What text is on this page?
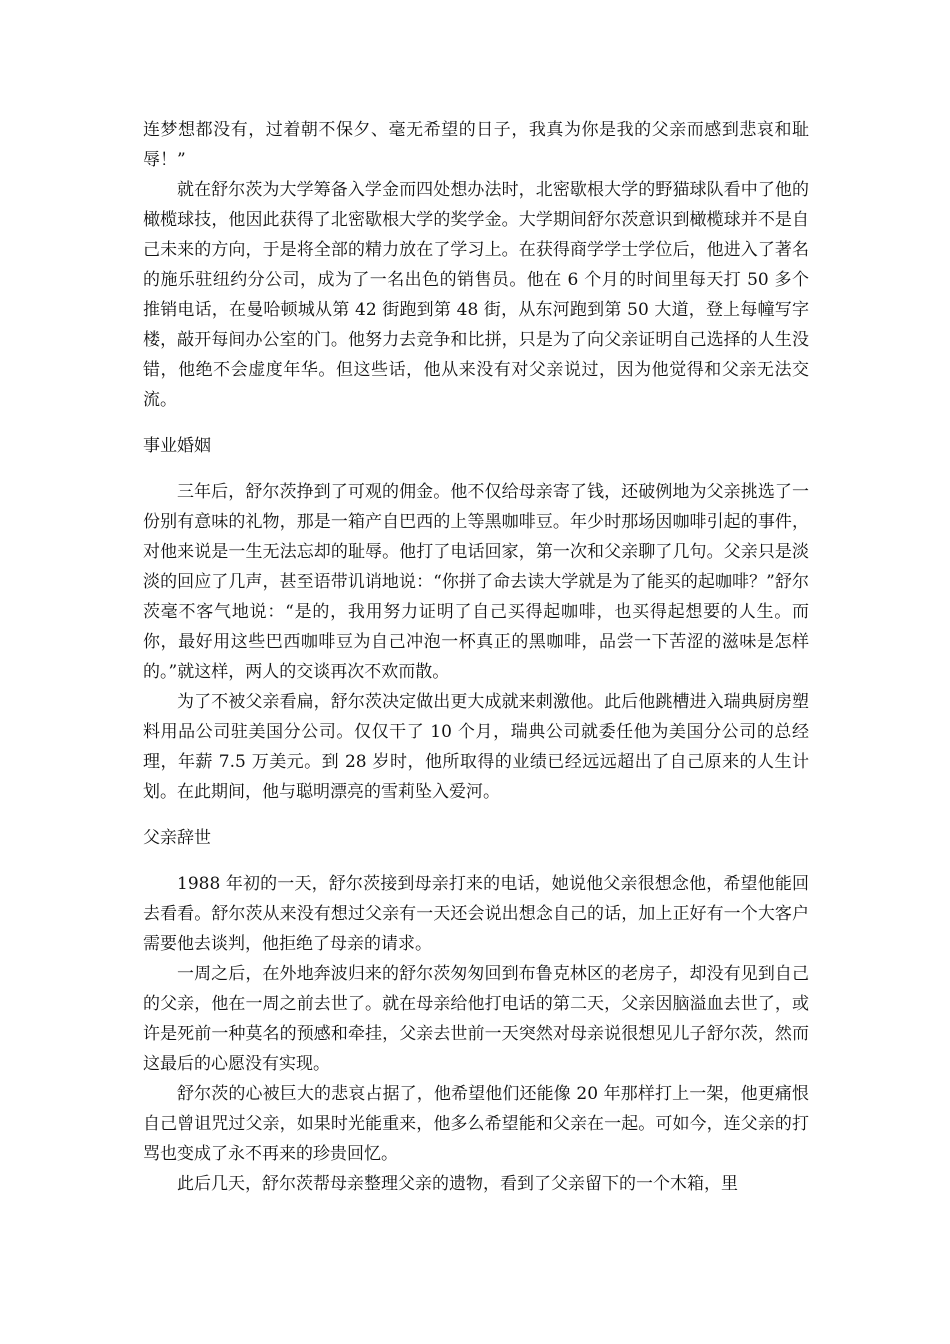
连梦想都没有，过着朝不保夕、毫无希望的日子，我真为你是我的父亲而感到悲哀和耻辱！”

就在舒尔茨为大学筹备入学金而四处想办法时，北密歇根大学的野猫球队看中了他的橄榄球技，他因此获得了北密歇根大学的奖学金。大学期间舒尔茨意识到橄榄球并不是自己未来的方向，于是将全部的精力放在了学习上。在获得商学学士学位后，他进入了著名的施乐驻纽约分公司，成为了一名出色的销售员。他在 6 个月的时间里每天打 50 多个推销电话，在曼哈顿城从第 42 街跑到第 48 街，从东河跑到第 50 大道，登上每幢写字楼，敲开每间办公室的门。他努力去竞争和比拼，只是为了向父亲证明自己选择的人生没错，他绝不会虚度年华。但这些话，他从来没有对父亲说过，因为他觉得和父亲无法交流。

事业婚姻

三年后，舒尔茨挣到了可观的佣金。他不仅给母亲寄了钱，还破例地为父亲挑选了一份别有意味的礼物，那是一箱产自巴西的上等黑咖啡豆。年少时那场因咖啡引起的事件，对他来说是一生无法忘却的耻辱。他打了电话回家，第一次和父亲聊了几句。父亲只是淡淡的回应了几声，甚至语带讥诮地说：“你拼了命去读大学就是为了能买的起咖啡？”舒尔茨毫不客气地说：“是的，我用努力证明了自己买得起咖啡，也买得起想要的人生。而你，最好用这些巴西咖啡豆为自己冲泡一杯真正的黑咖啡，品尝一下苦涩的滋味是怎样的。”就这样，两人的交谈再次不欢而散。

为了不被父亲看扁，舒尔茨决定做出更大成就来刺激他。此后他跳槽进入瑞典厨房塑料用品公司驻美国分公司。仅仅干了 10 个月，瑞典公司就委任他为美国分公司的总经理，年薪 7.5 万美元。到 28 岁时，他所取得的业绩已经远远超出了自己原来的人生计划。在此期间，他与聪明漂亮的雪莉坠入爱河。

父亲辞世

1988 年初的一天，舒尔茨接到母亲打来的电话，她说他父亲很想念他，希望他能回去看看。舒尔茨从来没有想过父亲有一天还会说出想念自己的话，加上正好有一个大客户需要他去谈判，他拒绝了母亲的请求。

一周之后，在外地奔波归来的舒尔茨匆匆回到布鲁克林区的老房子，却没有见到自己的父亲，他在一周之前去世了。就在母亲给他打电话的第二天，父亲因脑溢血去世了，或许是死前一种莫名的预感和牵挂，父亲去世前一天突然对母亲说很想见儿子舒尔茨，然而这最后的心愿没有实现。

舒尔茨的心被巨大的悲哀占据了，他希望他们还能像 20 年那样打上一架，他更痛恨自己曾诅咒过父亲，如果时光能重来，他多么希望能和父亲在一起。可如今，连父亲的打骂也变成了永不再来的珍贵回忆。

此后几天，舒尔茨帮母亲整理父亲的遗物，看到了父亲留下的一个木箱，里
